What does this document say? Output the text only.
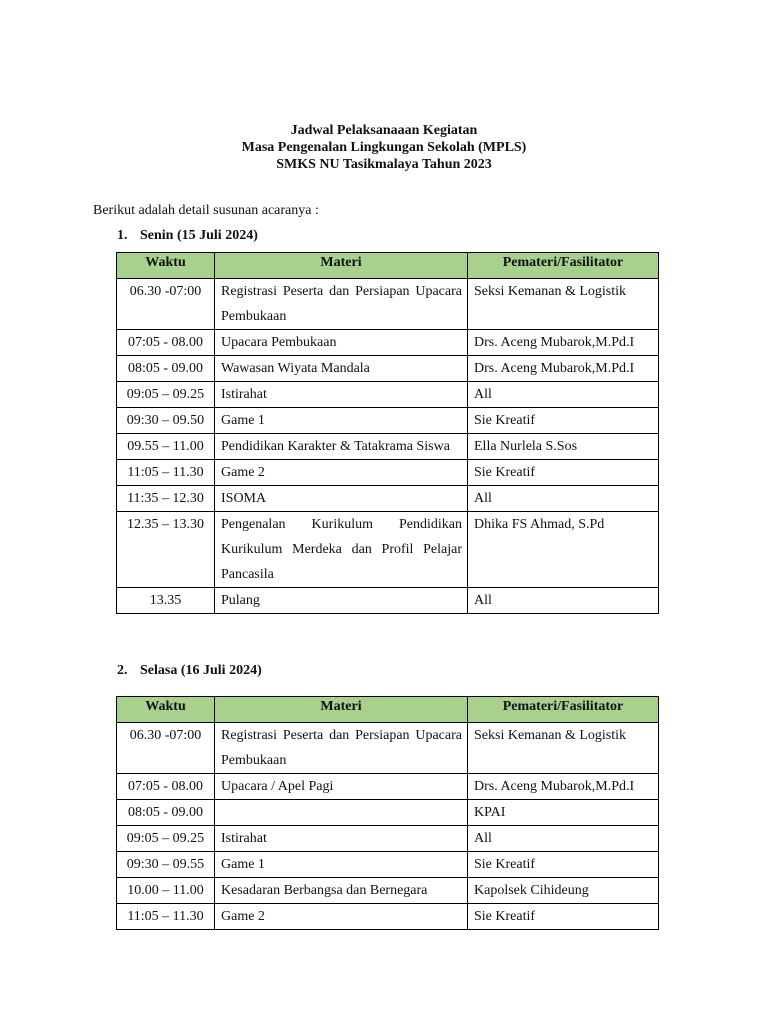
Jadwal Pelaksanaaan Kegiatan
Masa Pengenalan Lingkungan Sekolah (MPLS)
SMKS NU Tasikmalaya Tahun 2023
Berikut adalah detail susunan acaranya :
1. Senin (15 Juli 2024)
Waktu	Materi	Pemateri/Fasilitator
06.30 -07:00	Registrasi Peserta dan Persiapan Upacara Pembukaan	Seksi Kemanan & Logistik
07:05 - 08.00	Upacara Pembukaan	Drs. Aceng Mubarok,M.Pd.I
08:05 - 09.00	Wawasan Wiyata Mandala	Drs. Aceng Mubarok,M.Pd.I
09:05 – 09.25	Istirahat	All
09:30 – 09.50	Game 1	Sie Kreatif
09.55 – 11.00	Pendidikan Karakter & Tatakrama Siswa	Ella Nurlela S.Sos
11:05 – 11.30	Game 2	Sie Kreatif
11:35 – 12.30	ISOMA	All
12.35 – 13.30	Pengenalan Kurikulum Pendidikan Kurikulum Merdeka dan Profil Pelajar Pancasila	Dhika FS Ahmad, S.Pd
13.35	Pulang	All
2. Selasa (16 Juli 2024)
Waktu	Materi	Pemateri/Fasilitator
06.30 -07:00	Registrasi Peserta dan Persiapan Upacara Pembukaan	Seksi Kemanan & Logistik
07:05 - 08.00	Upacara / Apel Pagi	Drs. Aceng Mubarok,M.Pd.I
08:05 - 09.00		KPAI
09:05 – 09.25	Istirahat	All
09:30 – 09.55	Game 1	Sie Kreatif
10.00 – 11.00	Kesadaran Berbangsa dan Bernegara	Kapolsek Cihideung
11:05 – 11.30	Game 2	Sie Kreatif
